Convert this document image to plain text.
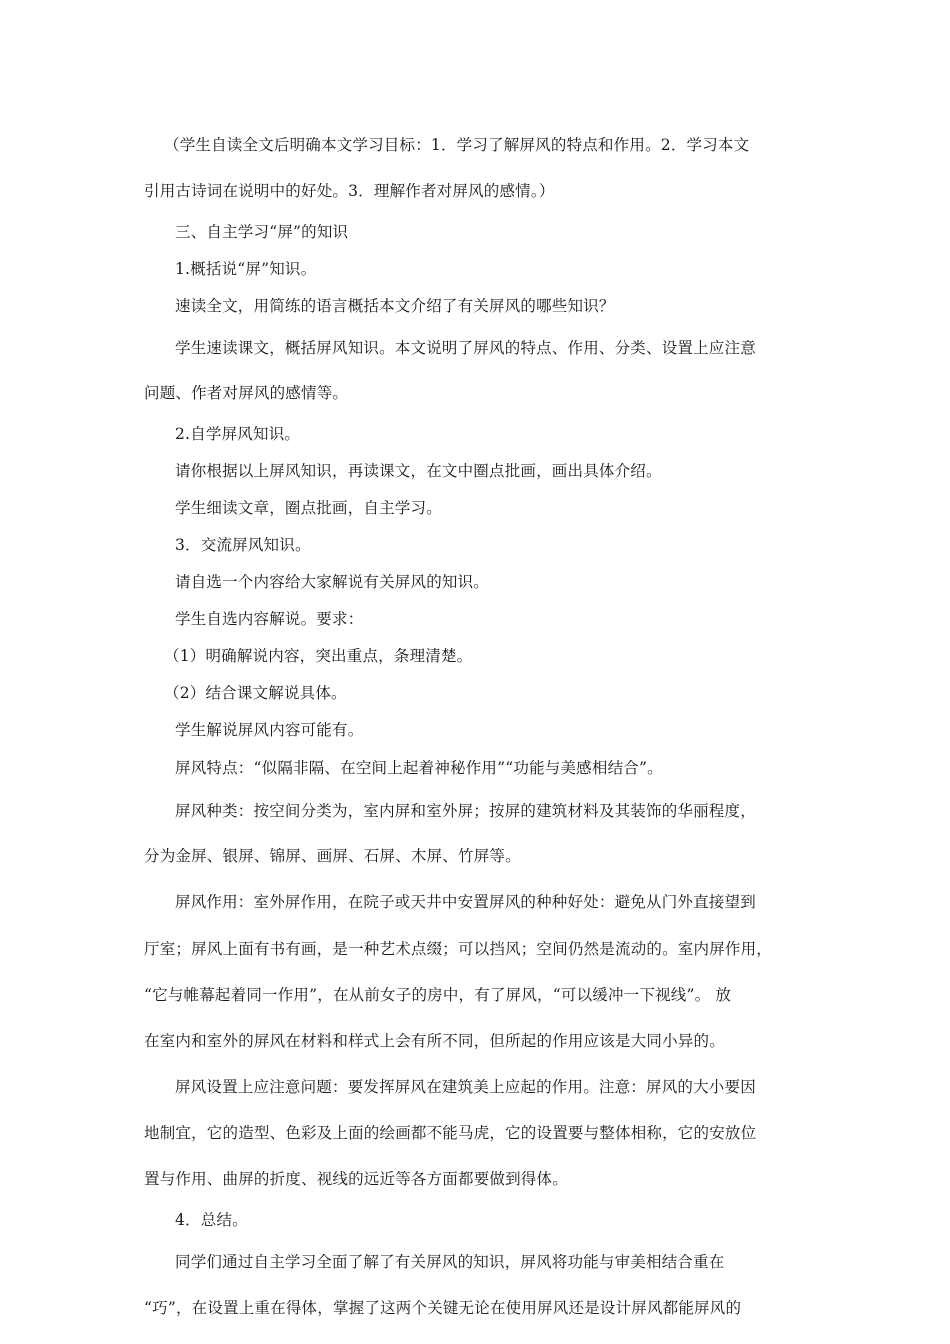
（学生自读全文后明确本文学习目标：1．学习了解屏风的特点和作用。2．学习本文

引用古诗词在说明中的好处。3．理解作者对屏风的感情。）

三、自主学习“屏”的知识

1.概括说“屏”知识。

速读全文，用简练的语言概括本文介绍了有关屏风的哪些知识？

学生速读课文，概括屏风知识。本文说明了屏风的特点、作用、分类、设置上应注意

问题、作者对屏风的感情等。

2.自学屏风知识。

请你根据以上屏风知识，再读课文，在文中圈点批画，画出具体介绍。

学生细读文章，圈点批画，自主学习。

3．交流屏风知识。

请自选一个内容给大家解说有关屏风的知识。

学生自选内容解说。要求：

（1）明确解说内容，突出重点，条理清楚。

（2）结合课文解说具体。

学生解说屏风内容可能有。

屏风特点：“似隔非隔、在空间上起着神秘作用”“功能与美感相结合”。

屏风种类：按空间分类为，室内屏和室外屏；按屏的建筑材料及其装饰的华丽程度，

分为金屏、银屏、锦屏、画屏、石屏、木屏、竹屏等。

屏风作用：室外屏作用，在院子或天井中安置屏风的种种好处：避免从门外直接望到

厅室；屏风上面有书有画，是一种艺术点缀；可以挡风；空间仍然是流动的。室内屏作用，

“它与帷幕起着同一作用”，在从前女子的房中，有了屏风，“可以缓冲一下视线”。 放

在室内和室外的屏风在材料和样式上会有所不同，但所起的作用应该是大同小异的。

屏风设置上应注意问题：要发挥屏风在建筑美上应起的作用。注意：屏风的大小要因

地制宜，它的造型、色彩及上面的绘画都不能马虎，它的设置要与整体相称，它的安放位

置与作用、曲屏的折度、视线的远近等各方面都要做到得体。

4．总结。

同学们通过自主学习全面了解了有关屏风的知识，屏风将功能与审美相结合重在

“巧”，在设置上重在得体，掌握了这两个关键无论在使用屏风还是设计屏风都能屏风的
